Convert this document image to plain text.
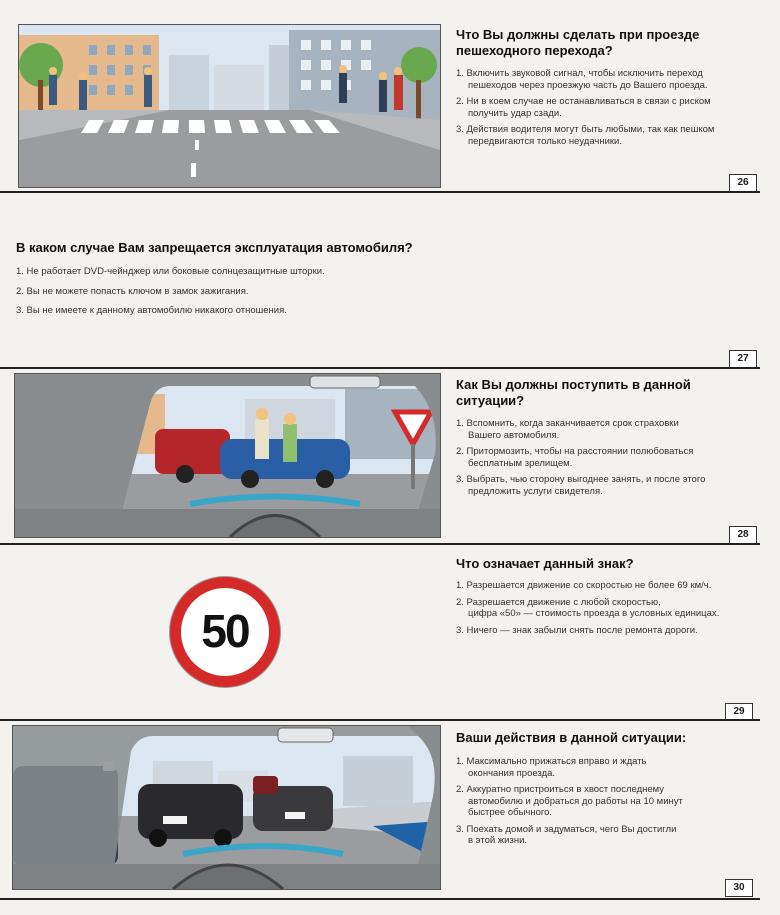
Что Вы должны сделать при проезде пешеходного перехода?
1. Включить звуковой сигнал, чтобы исключить переход
пешеходов через проезжую часть до Вашего проезда.
2. Ни в коем случае не останавливаться в связи с риском
получить удар сзади.
3. Действия водителя могут быть любыми, так как пешком
передвигаются только неудачники.
26
В каком случае Вам запрещается эксплуатация автомобиля?
1. Не работает DVD-чейнджер или боковые солнцезащитные шторки.
2. Вы не можете попасть ключом в замок зажигания.
3. Вы не имеете к данному автомобилю никакого отношения.
27
Как Вы должны поступить в данной ситуации?
1. Вспомнить, когда заканчивается срок страховки
Вашего автомобиля.
2. Притормозить, чтобы на расстоянии полюбоваться
бесплатным зрелищем.
3. Выбрать, чью сторону выгоднее занять, и после этого
предложить услуги свидетеля.
28
50
Что означает данный знак?
1. Разрешается движение со скоростью не более 69 км/ч.
2. Разрешается движение с любой скоростью,
цифра «50» — стоимость проезда в условных единицах.
3. Ничего — знак забыли снять после ремонта дороги.
29
Ваши действия в данной ситуации:
1. Максимально прижаться вправо и ждать
окончания проезда.
2. Аккуратно пристроиться в хвост последнему
автомобилю и добраться до работы на 10 минут
быстрее обычного.
3. Поехать домой и задуматься, чего Вы достигли
в этой жизни.
30
